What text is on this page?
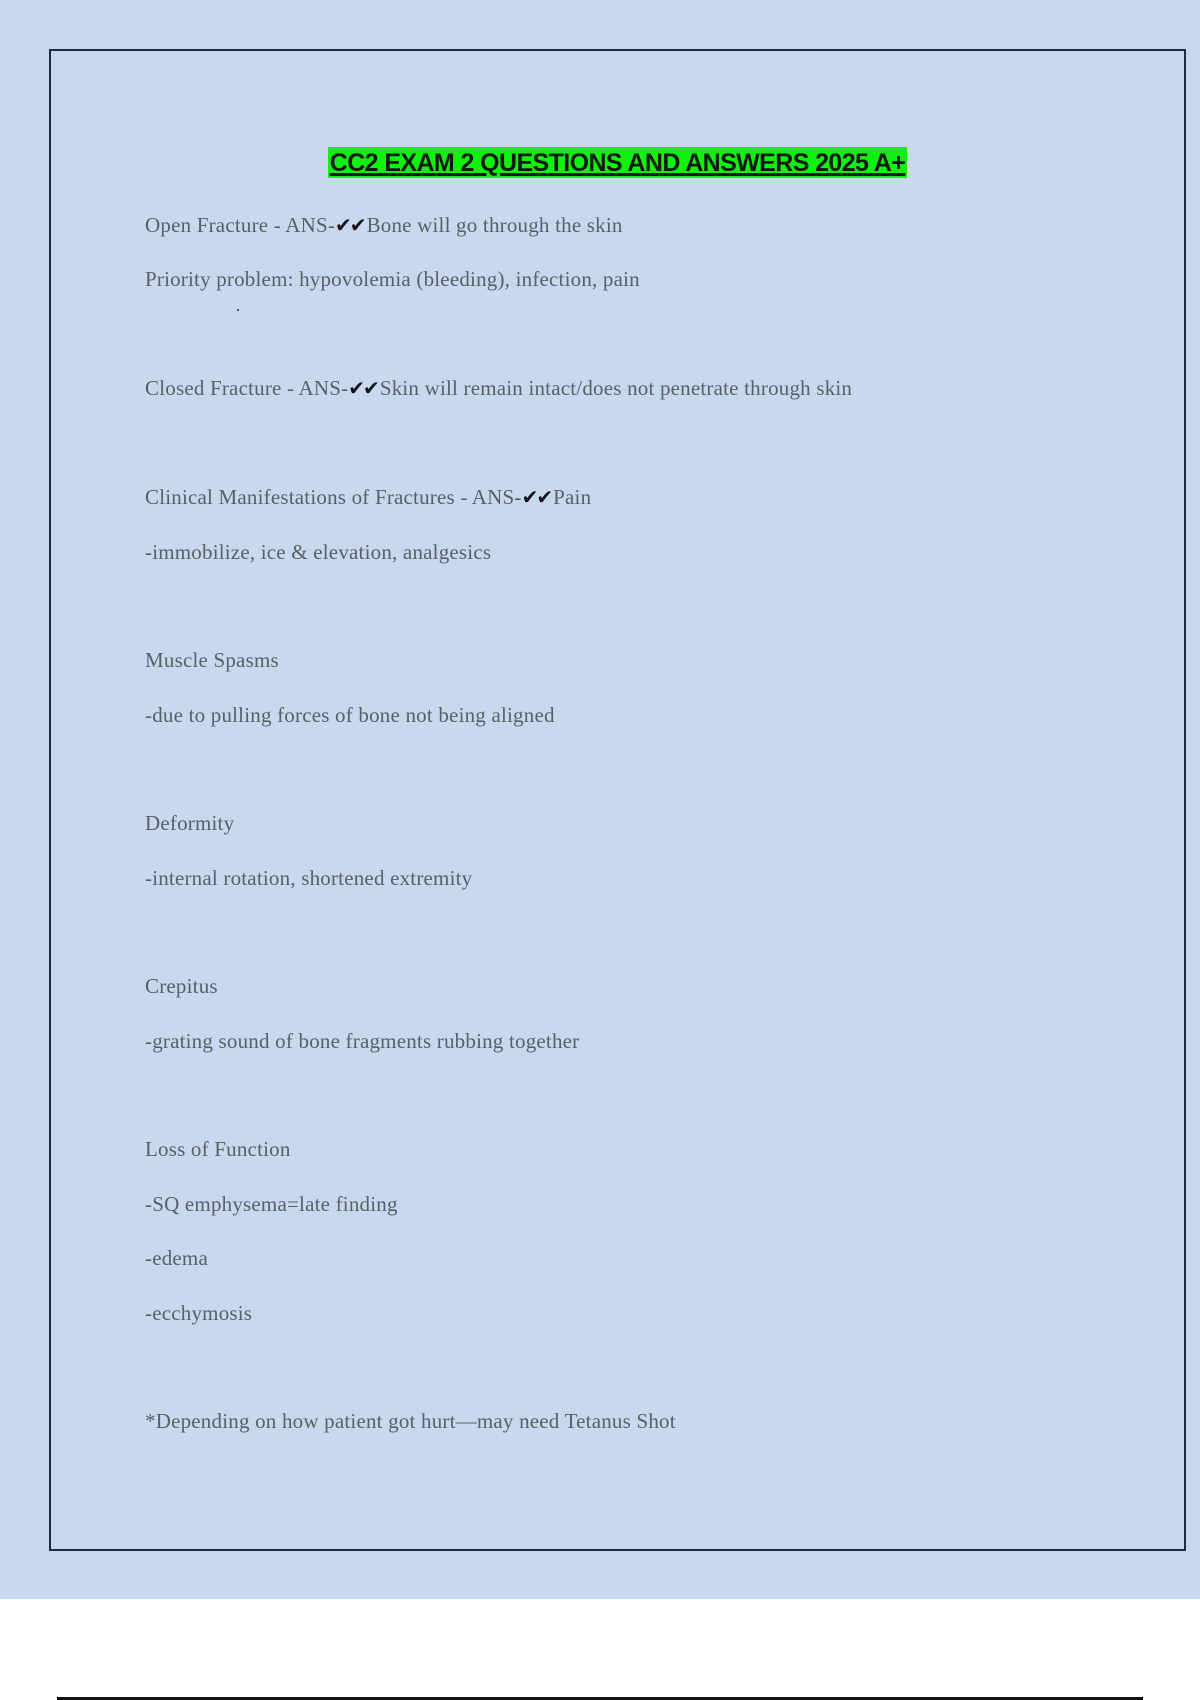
CC2 EXAM 2 QUESTIONS AND ANSWERS 2025 A+
Open Fracture - ANS-✔✔Bone will go through the skin
Priority problem: hypovolemia (bleeding), infection, pain
Closed Fracture - ANS-✔✔Skin will remain intact/does not penetrate through skin
Clinical Manifestations of Fractures - ANS-✔✔Pain
-immobilize, ice & elevation, analgesics
Muscle Spasms
-due to pulling forces of bone not being aligned
Deformity
-internal rotation, shortened extremity
Crepitus
-grating sound of bone fragments rubbing together
Loss of Function
-SQ emphysema=late finding
-edema
-ecchymosis
*Depending on how patient got hurt—may need Tetanus Shot
